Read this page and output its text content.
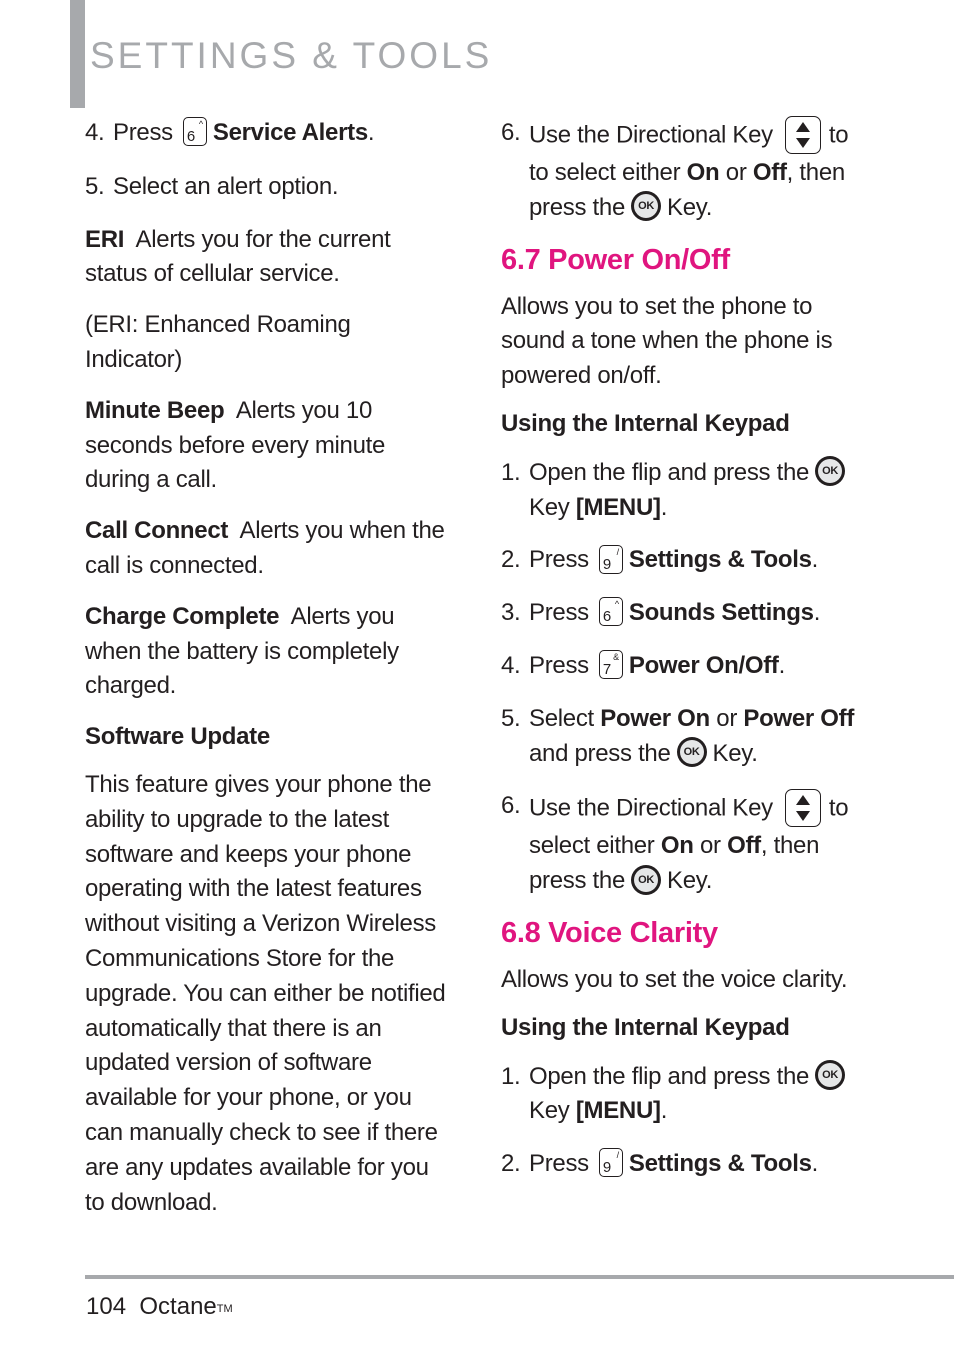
SETTINGS & TOOLS
4. Press 6
^ Service Alerts.
5. Select an alert option.

ERI Alerts you for the current status of cellular service.

(ERI: Enhanced Roaming Indicator)

Minute Beep Alerts you 10 seconds before every minute during a call.

Call Connect Alerts you when the call is connected.

Charge Complete Alerts you when the battery is completely charged.

Software Update

This feature gives your phone the ability to upgrade to the latest software and keeps your phone operating with the latest features without visiting a Verizon Wireless Communications Store for the upgrade. You can either be notified automatically that there is an updated version of software available for your phone, or you can manually check to see if there are any updates available for you to download.

6. Use the Directional Key to to select either On or Off, then press the	OK Key.
6.7 Power On/Off

Allows you to set the phone to sound a tone when the phone is powered on/off.

Using the Internal Keypad

1. Open the flip and press the	OK
Key [MENU].
2. Press 9
/ Settings & Tools.
3. Press 6
^ Sounds Settings.
4. Press 7
& Power On/Off.
5. Select Power On or Power Off and press the	OK Key.
6. Use the Directional Key to select either On or Off, then press the	OK Key.
6.8 Voice Clarity

Allows you to set the voice clarity.

Using the Internal Keypad

1. Open the flip and press the	OK
Key [MENU].
2. Press 9
/ Settings & Tools.
104 Octane™
